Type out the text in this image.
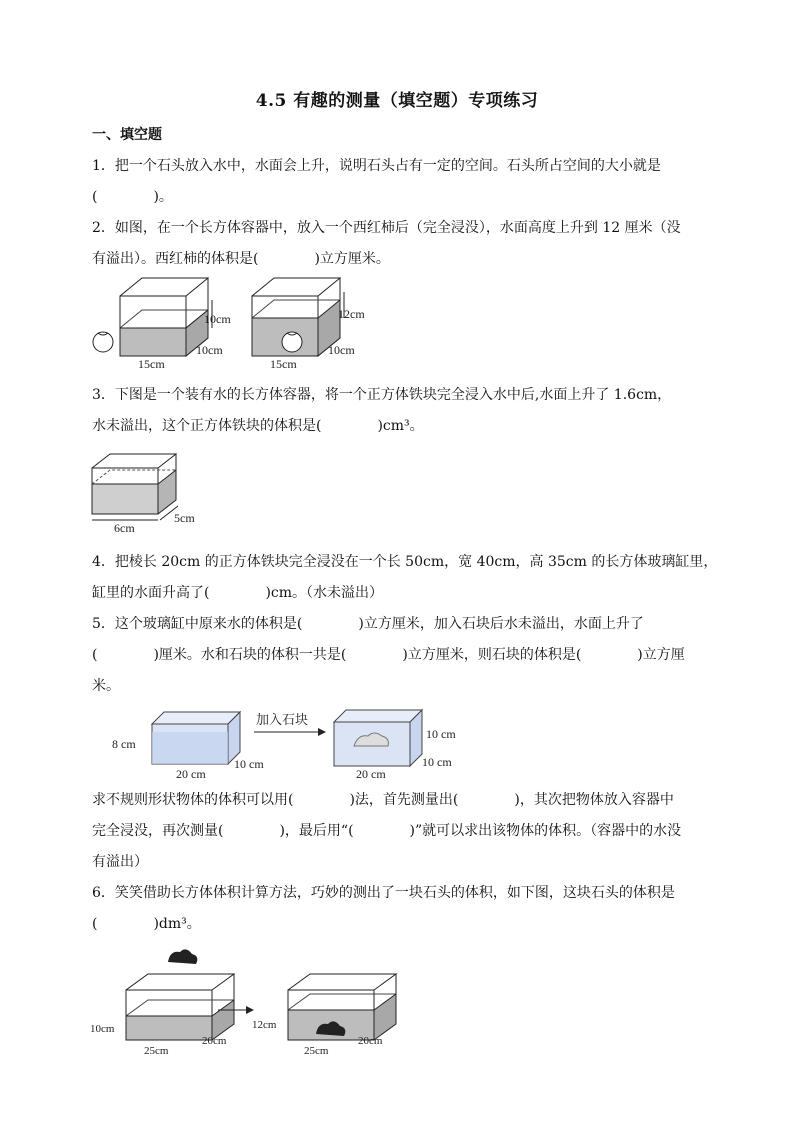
4.5 有趣的测量（填空题）专项练习
一、填空题
1．把一个石头放入水中，水面会上升，说明石头占有一定的空间。石头所占空间的大小就是
(　　　　)。
2．如图，在一个长方体容器中，放入一个西红柿后（完全浸没），水面高度上升到 12 厘米（没
有溢出）。西红柿的体积是(　　　　)立方厘米。
3．下图是一个装有水的长方体容器，将一个正方体铁块完全浸入水中后,水面上升了 1.6cm，
水未溢出，这个正方体铁块的体积是(　　　　)cm³。
4．把棱长 20cm 的正方体铁块完全浸没在一个长 50cm，宽 40cm，高 35cm 的长方体玻璃缸里，
缸里的水面升高了(　　　　)cm。（水未溢出）
5．这个玻璃缸中原来水的体积是(　　　　)立方厘米，加入石块后水未溢出，水面上升了
(　　　　)厘米。水和石块的体积一共是(　　　　)立方厘米，则石块的体积是(　　　　)立方厘
米。
求不规则形状物体的体积可以用(　　　　)法，首先测量出(　　　　)，其次把物体放入容器中
完全浸没，再次测量(　　　　)，最后用“(　　　　)”就可以求出该物体的体积。（容器中的水没
有溢出）
6．笑笑借助长方体体积计算方法，巧妙的测出了一块石头的体积，如下图，这块石头的体积是
(　　　　)dm³。
10cm
15cm
10cm
12cm
15cm
10cm
6cm
5cm
8 cm
20 cm
10 cm
加入石块
10 cm
20 cm
10 cm
10cm
25cm
20cm
12cm
25cm
20cm
